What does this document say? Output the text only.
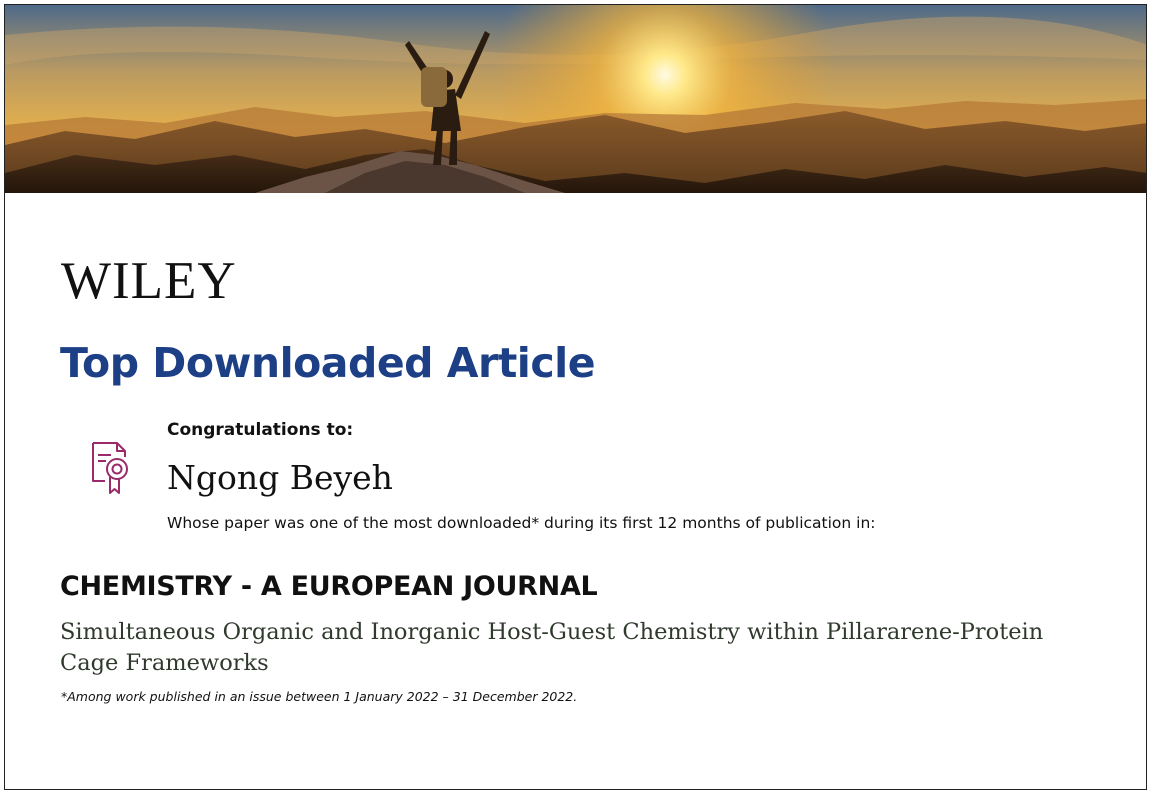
WILEY
Top Downloaded Article
Congratulations to:
Ngong Beyeh
Whose paper was one of the most downloaded* during its first 12 months of publication in:
CHEMISTRY - A EUROPEAN JOURNAL
Simultaneous Organic and Inorganic Host-Guest Chemistry within Pillararene-Protein Cage Frameworks
*Among work published in an issue between 1 January 2022 – 31 December 2022.
